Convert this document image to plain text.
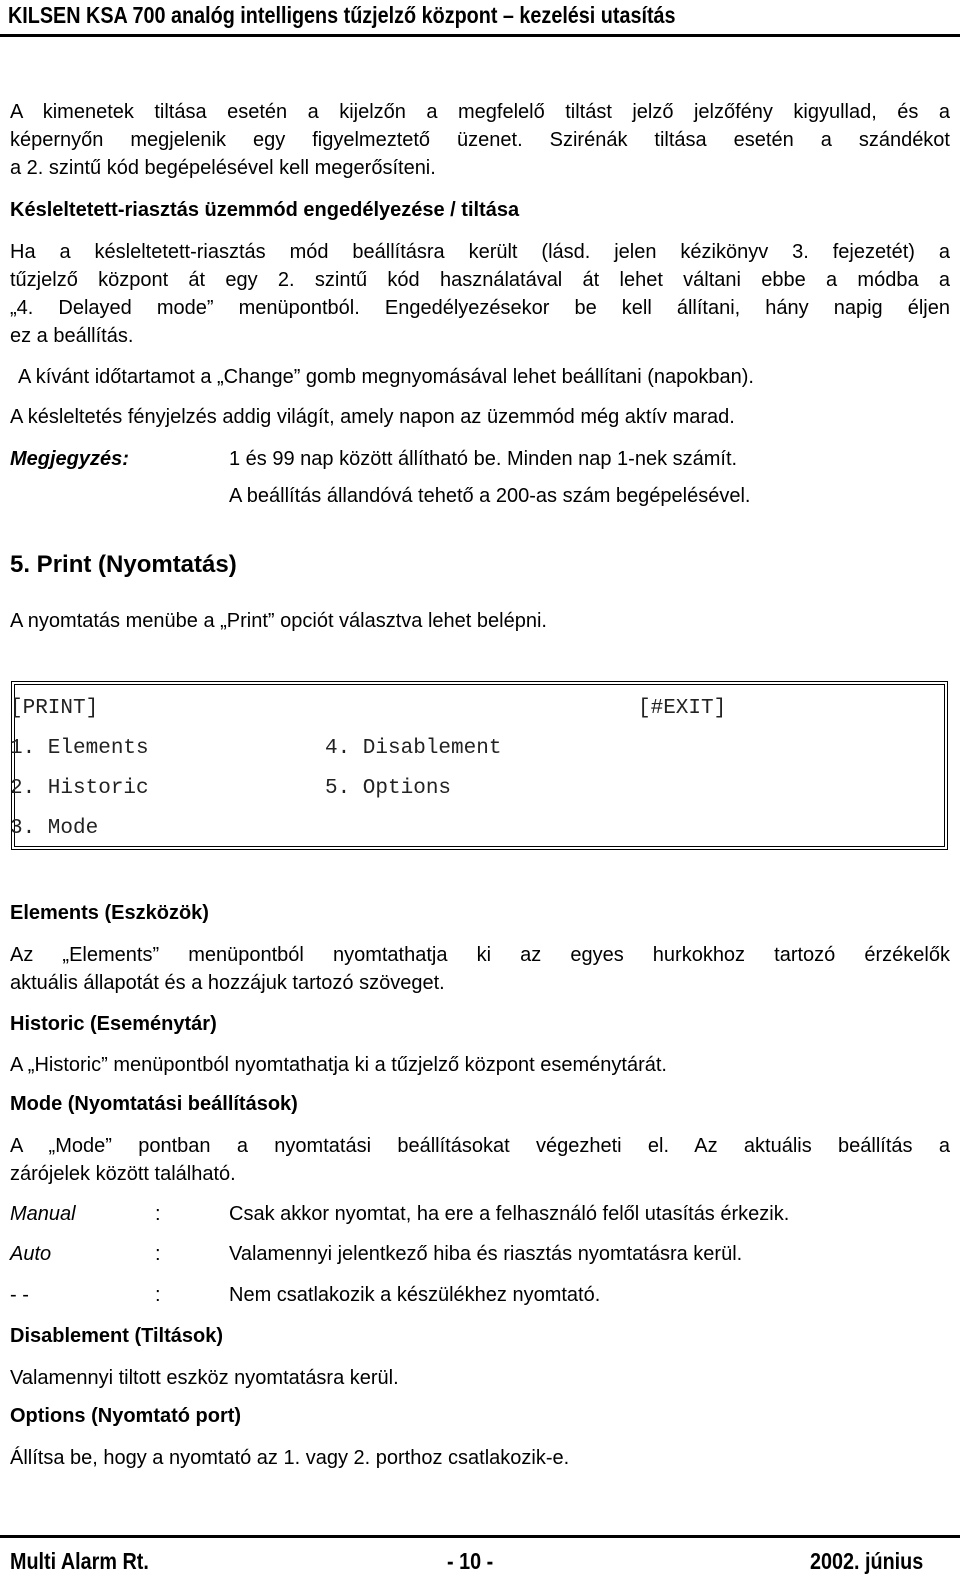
KILSEN KSA 700 analóg intelligens tűzjelző központ – kezelési utasítás
A kimenetek tiltása esetén a kijelzőn a megfelelő tiltást jelző jelzőfény kigyullad, és a
képernyőn megjelenik egy figyelmeztető üzenet. Szirénák tiltása esetén a szándékot
a 2. szintű kód begépelésével kell megerősíteni.
Késleltetett-riasztás üzemmód engedélyezése / tiltása
Ha a késleltetett-riasztás mód beállításra került (lásd. jelen kézikönyv 3. fejezetét) a
tűzjelző központ át egy 2. szintű kód használatával át lehet váltani ebbe a módba a
„4. Delayed mode” menüpontból. Engedélyezésekor be kell állítani, hány napig éljen
ez a beállítás.
A kívánt időtartamot a „Change” gomb megnyomásával lehet beállítani (napokban).
A késleltetés fényjelzés addig világít, amely napon az üzemmód még aktív marad.
Megjegyzés:	1 és 99 nap között állítható be. Minden nap 1-nek számít.
A beállítás állandóvá tehető a 200-as szám begépelésével.
5. Print (Nyomtatás)
A nyomtatás menübe a „Print” opciót választva lehet belépni.
[PRINT]	[#EXIT]
1. Elements
2. Historic
3. Mode
4. Disablement
5. Options
Elements (Eszközök)
Az „Elements” menüpontból nyomtathatja ki az egyes hurkokhoz tartozó érzékelők
aktuális állapotát és a hozzájuk tartozó szöveget.
Historic (Eseménytár)
A „Historic” menüpontból nyomtathatja ki a tűzjelző központ eseménytárát.
Mode (Nyomtatási beállítások)
A „Mode” pontban a nyomtatási beállításokat végezheti el. Az aktuális beállítás a
zárójelek között található.
Manual	:	Csak akkor nyomtat, ha ere a felhasználó felől utasítás érkezik.
Auto	:	Valamennyi jelentkező hiba és riasztás nyomtatásra kerül.
- -	:	Nem csatlakozik a készülékhez nyomtató.
Disablement (Tiltások)
Valamennyi tiltott eszköz nyomtatásra kerül.
Options (Nyomtató port)
Állítsa be, hogy a nyomtató az 1. vagy 2. porthoz csatlakozik-e.
Multi Alarm Rt.	- 10 -	2002. június
